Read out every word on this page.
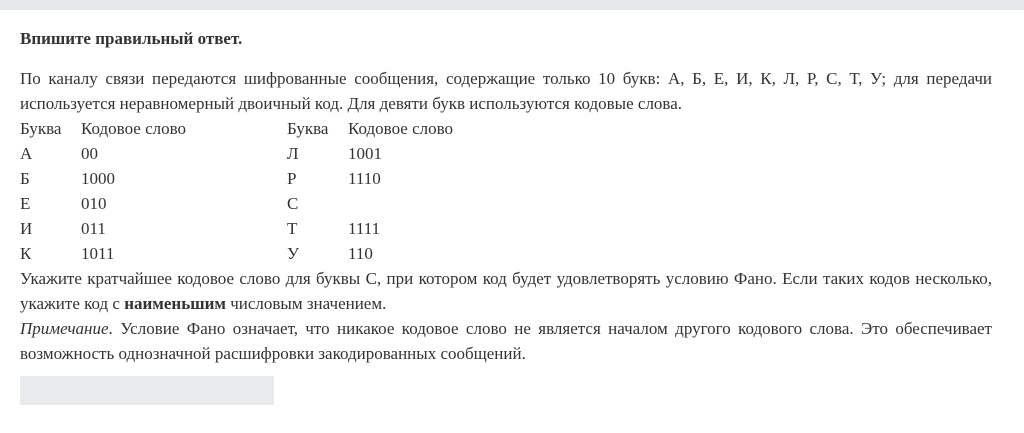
Впишите правильный ответ.

По каналу связи передаются шифрованные сообщения, содержащие только 10 букв: А, Б, Е, И, К, Л, Р, С, Т, У; для передачи используется неравномерный двоичный код. Для девяти букв используются кодовые слова.

Буква	Кодовое слово	Буква	Кодовое слово
А	00	Л	1001
Б	1000	Р	1110
Е	010	С
И	011	Т	1111
К	1011	У	110

Укажите кратчайшее кодовое слово для буквы С, при котором код будет удовлетворять условию Фано. Если таких кодов несколько, укажите код с наименьшим числовым значением.

Примечание. Условие Фано означает, что никакое кодовое слово не является началом другого кодового слова. Это обеспечивает возможность однозначной расшифровки закодированных сообщений.
